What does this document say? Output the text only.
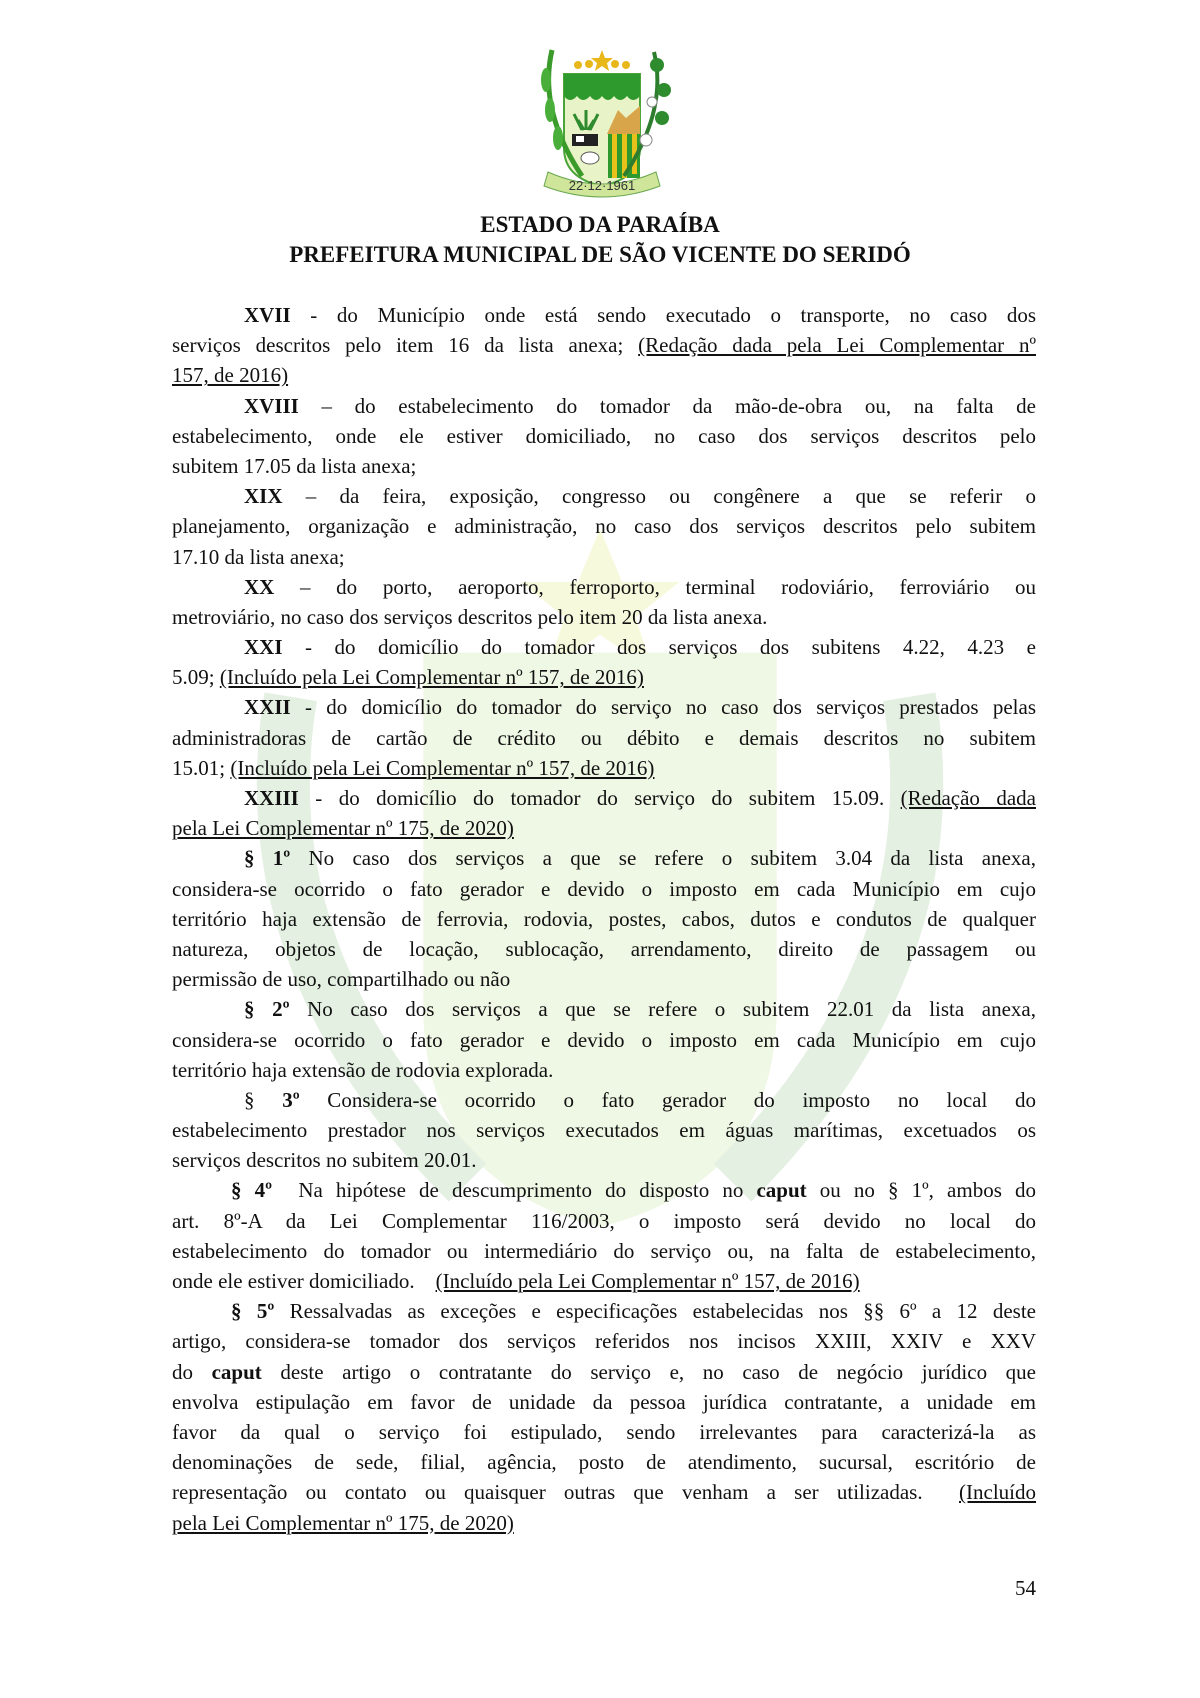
22·12·1961
ESTADO DA PARAÍBA
PREFEITURA MUNICIPAL DE SÃO VICENTE DO SERIDÓ
XVII - do Município onde está sendo executado o transporte, no caso dos
serviços descritos pelo item 16 da lista anexa; (Redação dada pela Lei Complementar nº
157, de 2016)
XVIII – do estabelecimento do tomador da mão-de-obra ou, na falta de
estabelecimento, onde ele estiver domiciliado, no caso dos serviços descritos pelo
subitem 17.05 da lista anexa;
XIX – da feira, exposição, congresso ou congênere a que se referir o
planejamento, organização e administração, no caso dos serviços descritos pelo subitem
17.10 da lista anexa;
XX – do porto, aeroporto, ferroporto, terminal rodoviário, ferroviário ou
metroviário, no caso dos serviços descritos pelo item 20 da lista anexa.
XXI - do domicílio do tomador dos serviços dos subitens 4.22, 4.23 e
5.09; (Incluído pela Lei Complementar nº 157, de 2016)
XXII - do domicílio do tomador do serviço no caso dos serviços prestados pelas
administradoras de cartão de crédito ou débito e demais descritos no subitem
15.01; (Incluído pela Lei Complementar nº 157, de 2016)
XXIII - do domicílio do tomador do serviço do subitem 15.09. (Redação dada
pela Lei Complementar nº 175, de 2020)
§ 1º No caso dos serviços a que se refere o subitem 3.04 da lista anexa,
considera-se ocorrido o fato gerador e devido o imposto em cada Município em cujo
território haja extensão de ferrovia, rodovia, postes, cabos, dutos e condutos de qualquer
natureza, objetos de locação, sublocação, arrendamento, direito de passagem ou
permissão de uso, compartilhado ou não
§ 2º No caso dos serviços a que se refere o subitem 22.01 da lista anexa,
considera-se ocorrido o fato gerador e devido o imposto em cada Município em cujo
território haja extensão de rodovia explorada.
§ 3º Considera-se ocorrido o fato gerador do imposto no local do
estabelecimento prestador nos serviços executados em águas marítimas, excetuados os
serviços descritos no subitem 20.01.
§ 4º  Na hipótese de descumprimento do disposto no caput ou no § 1º, ambos do
art. 8º-A da Lei Complementar 116/2003, o imposto será devido no local do
estabelecimento do tomador ou intermediário do serviço ou, na falta de estabelecimento,
onde ele estiver domiciliado.    (Incluído pela Lei Complementar nº 157, de 2016)
§ 5º Ressalvadas as exceções e especificações estabelecidas nos §§ 6º a 12 deste
artigo, considera-se tomador dos serviços referidos nos incisos XXIII, XXIV e XXV
do caput deste artigo o contratante do serviço e, no caso de negócio jurídico que
envolva estipulação em favor de unidade da pessoa jurídica contratante, a unidade em
favor da qual o serviço foi estipulado, sendo irrelevantes para caracterizá-la as
denominações de sede, filial, agência, posto de atendimento, sucursal, escritório de
representação ou contato ou quaisquer outras que venham a ser utilizadas.  (Incluído
pela Lei Complementar nº 175, de 2020)
54
